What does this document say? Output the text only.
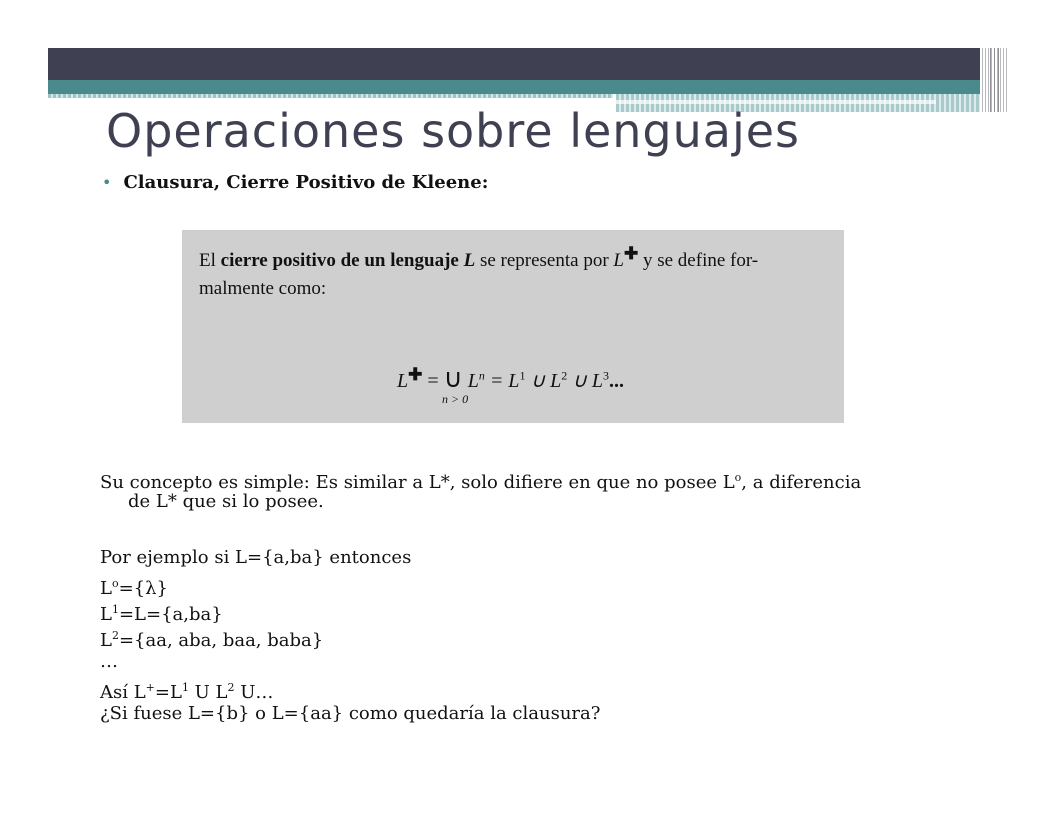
Operaciones sobre lenguajes
• Clausura, Cierre Positivo de Kleene:
El cierre positivo de un lenguaje L se representa por L✚ y se define for-
malmente como:
L✚ = ∪ $L^n = L^1$ ∪ $L^2$ ∪ $L^3$...
n > 0
Su concepto es simple: Es similar a L*, solo difiere en que no posee $L^o$, a diferencia
de L* que si lo posee.
Por ejemplo si L={a,ba} entonces
$L^o=\{\lambda\}$
$L^1=L=\{a,ba\}$
$L^2=\{aa$, aba, baa, baba}
…
Así $L^+=L^1$ U $L^2$ U…
¿Si fuese L={b} o L={aa} como quedaría la clausura?
